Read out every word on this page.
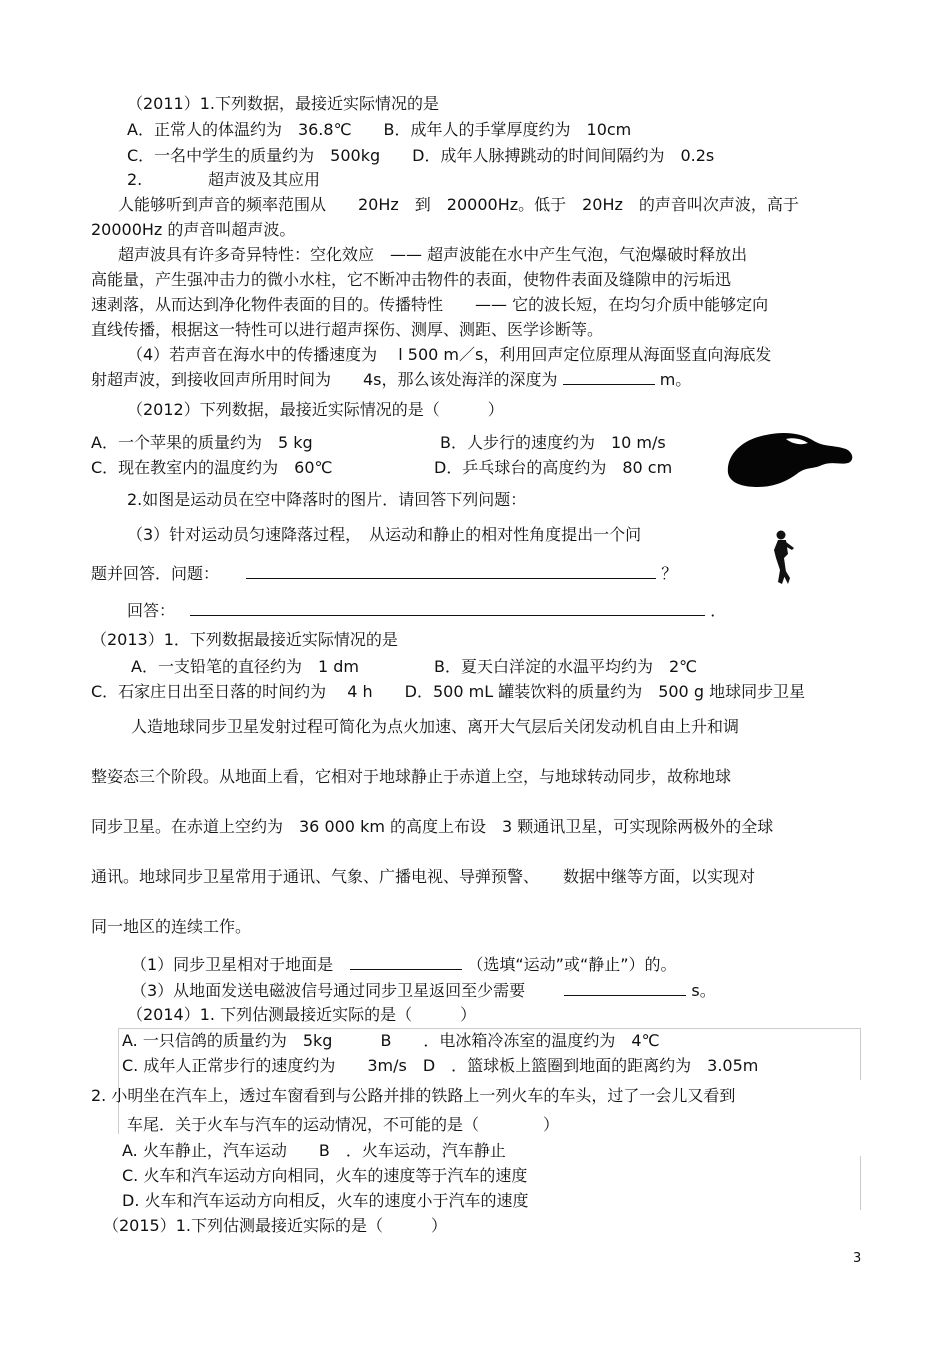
（2011）1.下列数据，最接近实际情况的是
A．正常人的体温约为　36.8℃　　B．成年人的手掌厚度约为　10cm
C．一名中学生的质量约为　500kg　　D．成年人脉搏跳动的时间间隔约为　0.2s
2.	超声波及其应用
人能够听到声音的频率范围从　　20Hz　到　20000Hz。低于　20Hz　的声音叫次声波，高于
20000Hz 的声音叫超声波。
超声波具有许多奇异特性：空化效应　—— 超声波能在水中产生气泡，气泡爆破时释放出
高能量，产生强冲击力的微小水柱，它不断冲击物件的表面，使物件表面及缝隙申的污垢迅
速剥落，从而达到净化物件表面的目的。传播特性　　—— 它的波长短，在均匀介质中能够定向
直线传播，根据这一特性可以进行超声探伤、测厚、测距、医学诊断等。
（4）若声音在海水中的传播速度为　 l 500 m／s，利用回声定位原理从海面竖直向海底发
射超声波，到接收回声所用时间为　　4s，那么该处海洋的深度为	m。
（2012）下列数据，最接近实际情况的是（　　　）
A．一个苹果的质量约为　5 kg	B．人步行的速度约为　10 m/s
C．现在教室内的温度约为　60℃	D．乒乓球台的高度约为　80 cm
2.如图是运动员在空中降落时的图片．请回答下列问题：
（3）针对运动员匀速降落过程，　从运动和静止的相对性角度提出一个问
题并回答．问题：	？
回答：	．
（2013）1．下列数据最接近实际情况的是
A．一支铅笔的直径约为　1 dm	B．夏天白洋淀的水温平均约为　2℃
C．石家庄日出至日落的时间约为　 4 h　　D．500 mL 罐装饮料的质量约为　500 g 地球同步卫星
人造地球同步卫星发射过程可简化为点火加速、离开大气层后关闭发动机自由上升和调
整姿态三个阶段。从地面上看，它相对于地球静止于赤道上空，与地球转动同步，故称地球
同步卫星。在赤道上空约为　36 000 km 的高度上布设　3 颗通讯卫星，可实现除两极外的全球
通讯。地球同步卫星常用于通讯、气象、广播电视、导弹预警、　　数据中继等方面，以实现对
同一地区的连续工作。
（1）同步卫星相对于地面是	（选填“运动”或“静止”）的。
（3）从地面发送电磁波信号通过同步卫星返回至少需要	s。
（2014）1. 下列估测最接近实际的是（　　　）
A. 一只信鸽的质量约为　5kg　　　B　　．电冰箱冷冻室的温度约为　4℃
C. 成年人正常步行的速度约为　　3m/s　D　．篮球板上篮圈到地面的距离约为　3.05m
2. 小明坐在汽车上，透过车窗看到与公路并排的铁路上一列火车的车头，过了一会儿又看到
车尾．关于火车与汽车的运动情况，不可能的是（　　　　）
A. 火车静止，汽车运动　　B　．火车运动，汽车静止
C. 火车和汽车运动方向相同，火车的速度等于汽车的速度
D. 火车和汽车运动方向相反，火车的速度小于汽车的速度
（2015）1.下列估测最接近实际的是（　　　）
3
